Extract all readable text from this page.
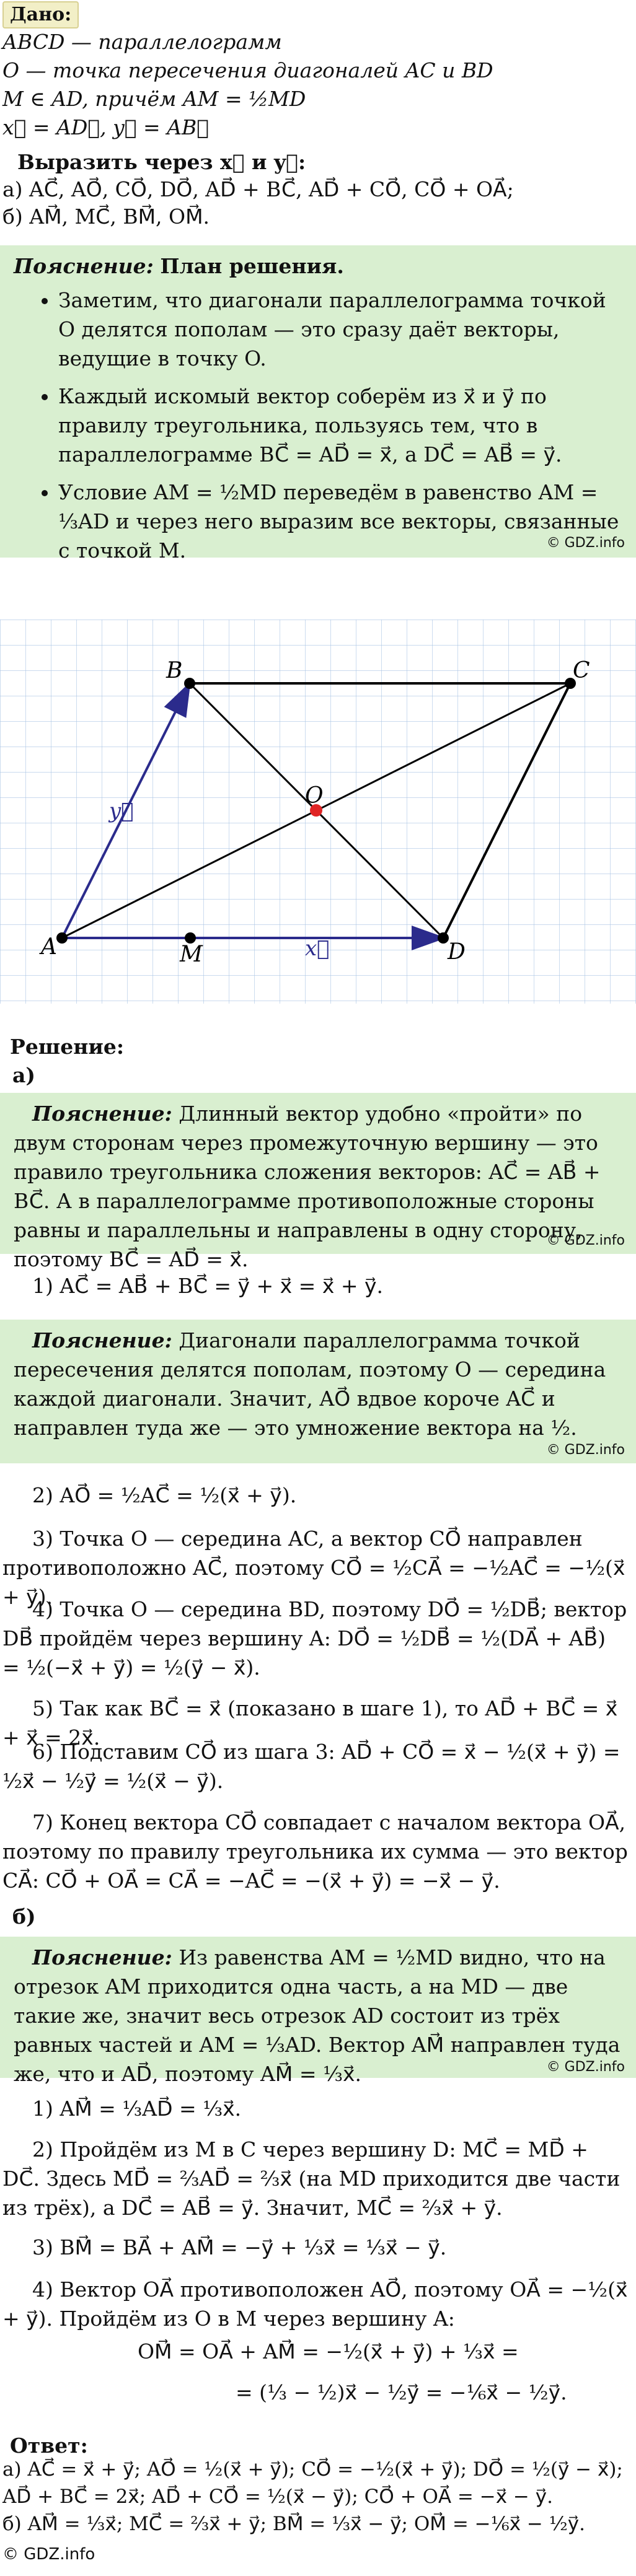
Дано:
ABCD — параллелограмм
O — точка пересечения диагоналей AC и BD
M ∈ AD, причём AM = ½MD
x⃗ = AD⃗, y⃗ = AB⃗
Выразить через x⃗ и y⃗:
а) AC⃗, AO⃗, CO⃗, DO⃗, AD⃗ + BC⃗, AD⃗ + CO⃗, CO⃗ + OA⃗;
б) AM⃗, MC⃗, BM⃗, OM⃗.

Пояснение: План решения.

• Заметим, что диагонали параллелограмма точкой O делятся пополам — это сразу даёт векторы, ведущие в точку O.
• Каждый искомый вектор соберём из x⃗ и y⃗ по правилу треугольника, пользуясь тем, что в параллелограмме BC⃗ = AD⃗ = x⃗, а DC⃗ = AB⃗ = y⃗.
• Условие AM = ½MD переведём в равенство AM = ⅓AD и через него выразим все векторы, связанные с точкой M.	© GDZ.info
A
B	C
D
M
O
x⃗
y⃗
Решение:
а)

Пояснение: Длинный вектор удобно «пройти» по двум сторонам через промежуточную вершину — это правило треугольника сложения векторов: AC⃗ = AB⃗ + BC⃗. А в параллелограмме противоположные стороны равны и параллельны и направлены в одну сторону, поэтому BC⃗ = AD⃗ = x⃗.

© GDZ.info
1) AC⃗ = AB⃗ + BC⃗ = y⃗ + x⃗ = x⃗ + y⃗.

Пояснение: Диагонали параллелограмма точкой пересечения делятся пополам, поэтому O — середина каждой диагонали. Значит, AO⃗ вдвое короче AC⃗ и направлен туда же — это умножение вектора на ½.

© GDZ.info
2) AO⃗ = ½AC⃗ = ½(x⃗ + y⃗).
3) Точка O — середина AC, а вектор CO⃗ направлен противоположно AC⃗, поэтому CO⃗ = ½CA⃗ = −½AC⃗ = −½(x⃗ + y⃗).
4) Точка O — середина BD, поэтому DO⃗ = ½DB⃗; вектор DB⃗ пройдём через вершину A: DO⃗ = ½DB⃗ = ½(DA⃗ + AB⃗) = ½(−x⃗ + y⃗) = ½(y⃗ − x⃗).
5) Так как BC⃗ = x⃗ (показано в шаге 1), то AD⃗ + BC⃗ = x⃗ + x⃗ = 2x⃗.
6) Подставим CO⃗ из шага 3: AD⃗ + CO⃗ = x⃗ − ½(x⃗ + y⃗) = ½x⃗ − ½y⃗ = ½(x⃗ − y⃗).
7) Конец вектора CO⃗ совпадает с началом вектора OA⃗, поэтому по правилу треугольника их сумма — это вектор CA⃗: CO⃗ + OA⃗ = CA⃗ = −AC⃗ = −(x⃗ + y⃗) = −x⃗ − y⃗.
б)

Пояснение: Из равенства AM = ½MD видно, что на отрезок AM приходится одна часть, а на MD — две такие же, значит весь отрезок AD состоит из трёх равных частей и AM = ⅓AD. Вектор AM⃗ направлен туда же, что и AD⃗, поэтому AM⃗ = ⅓x⃗.	© GDZ.info
1) AM⃗ = ⅓AD⃗ = ⅓x⃗.
2) Пройдём из M в C через вершину D: MC⃗ = MD⃗ + DC⃗. Здесь MD⃗ = ⅔AD⃗ = ⅔x⃗ (на MD приходится две части из трёх), а DC⃗ = AB⃗ = y⃗. Значит, MC⃗ = ⅔x⃗ + y⃗.
3) BM⃗ = BA⃗ + AM⃗ = −y⃗ + ⅓x⃗ = ⅓x⃗ − y⃗.
4) Вектор OA⃗ противоположен AO⃗, поэтому OA⃗ = −½(x⃗ + y⃗). Пройдём из O в M через вершину A:
OM⃗ = OA⃗ + AM⃗ = −½(x⃗ + y⃗) + ⅓x⃗ =
= (⅓ − ½)x⃗ − ½y⃗ = −⅙x⃗ − ½y⃗.
Ответ:
а) AC⃗ = x⃗ + y⃗; AO⃗ = ½(x⃗ + y⃗); CO⃗ = −½(x⃗ + y⃗); DO⃗ = ½(y⃗ − x⃗);
AD⃗ + BC⃗ = 2x⃗; AD⃗ + CO⃗ = ½(x⃗ − y⃗); CO⃗ + OA⃗ = −x⃗ − y⃗.
б) AM⃗ = ⅓x⃗; MC⃗ = ⅔x⃗ + y⃗; BM⃗ = ⅓x⃗ − y⃗; OM⃗ = −⅙x⃗ − ½y⃗.
© GDZ.info
